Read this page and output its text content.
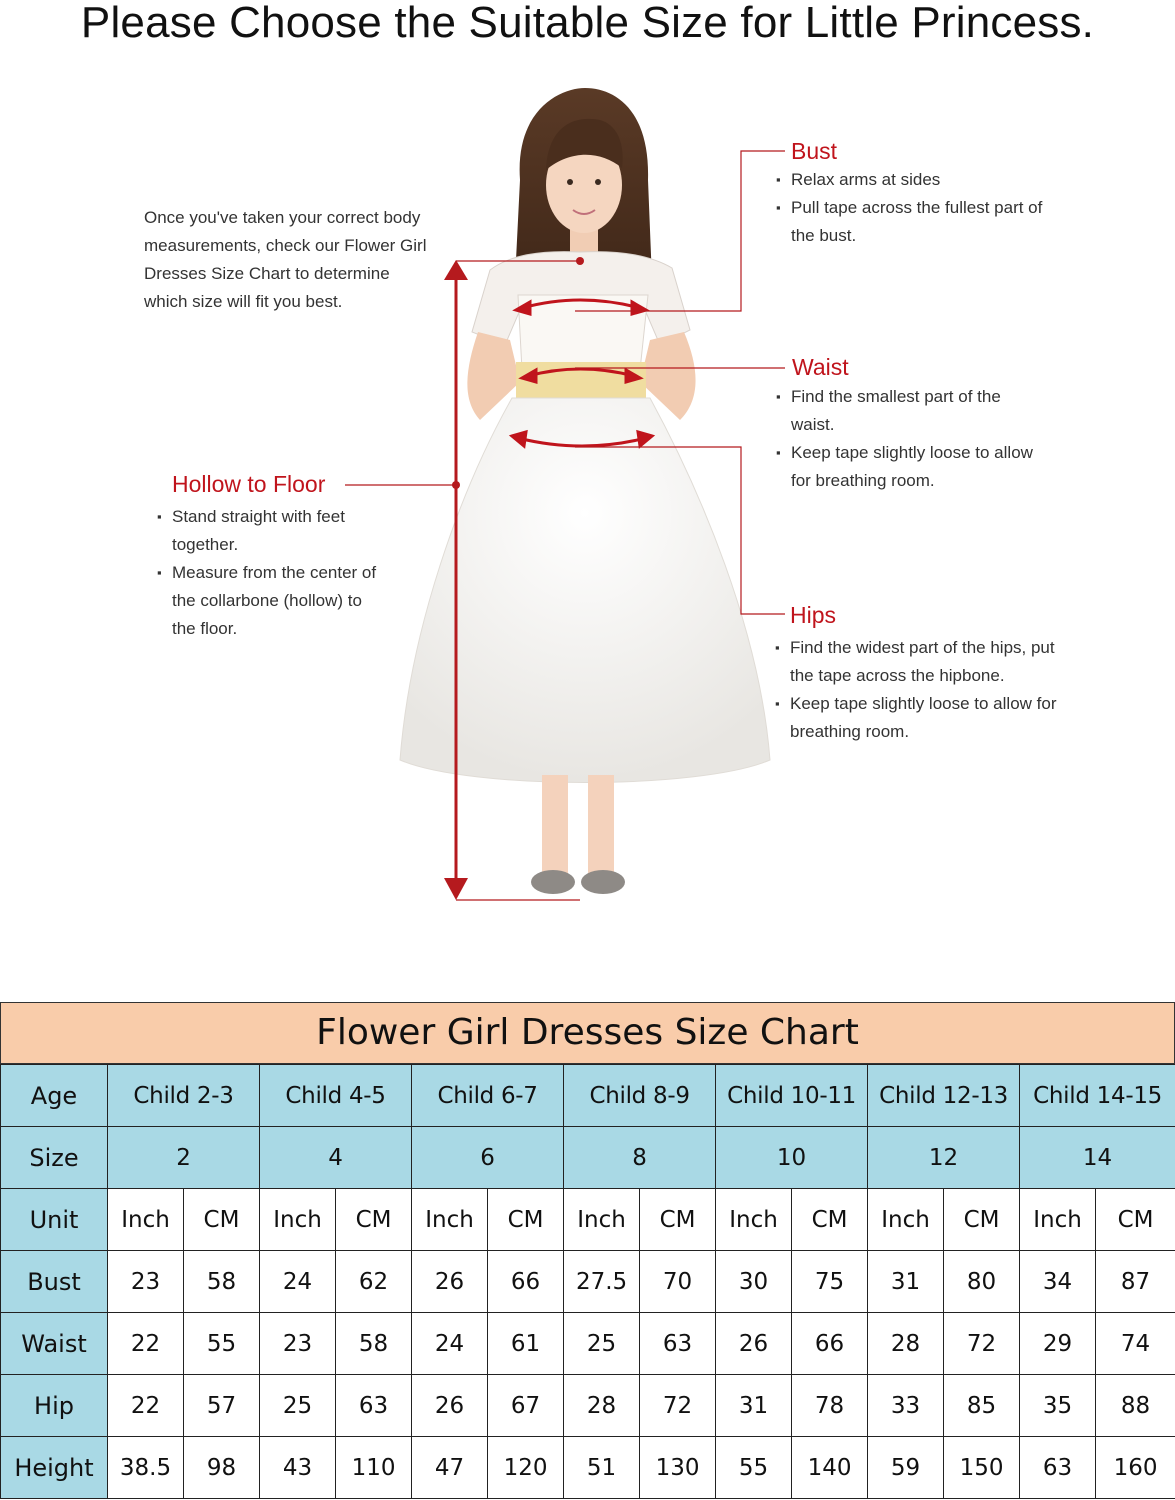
Please Choose the Suitable Size for Little Princess.
Once you've taken your correct body measurements, check our Flower Girl Dresses Size Chart to determine which size will fit you best.
Bust
▪ Relax arms at sides
▪ Pull tape across the fullest part of the bust.
Waist
▪ Find the smallest part of the waist.
▪ Keep tape slightly loose to allow for breathing room.
Hips
▪ Find the widest part of the hips, put the tape across the hipbone.
▪ Keep tape slightly loose to allow for breathing room.
Hollow to Floor
▪ Stand straight with feet together.
▪ Measure from the center of the collarbone (hollow) to the floor.
Flower Girl Dresses Size Chart
Age	Child 2-3		Child 4-5		Child 6-7		Child 8-9		Child 10-11		Child 12-13		Child 14-15	
Size	2		4		6		8		10		12		14	
Unit	Inch	CM	Inch	CM	Inch	CM	Inch	CM	Inch	CM	Inch	CM	Inch	CM
Bust	23	58	24	62	26	66	27.5	70	30	75	31	80	34	87
Waist	22	55	23	58	24	61	25	63	26	66	28	72	29	74
Hip	22	57	25	63	26	67	28	72	31	78	33	85	35	88
Height	38.5	98	43	110	47	120	51	130	55	140	59	150	63	160
